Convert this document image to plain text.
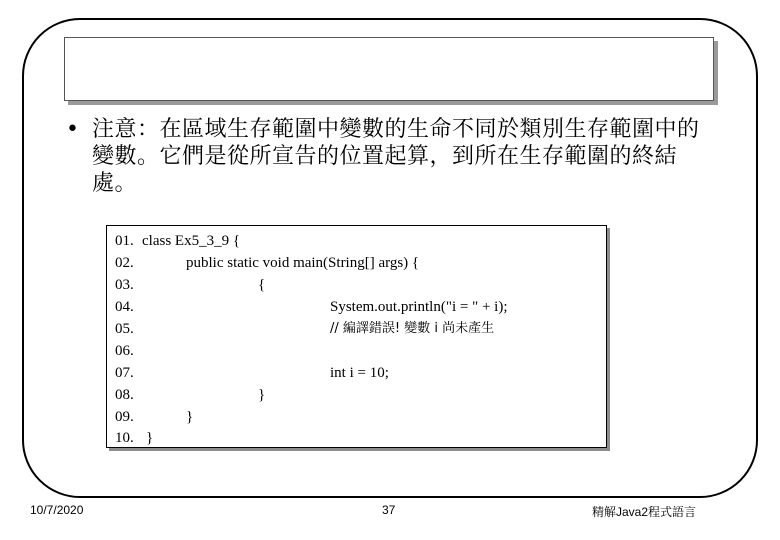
• 注意：在區域生存範圍中變數的生命不同於類別生存範圍中的變數。它們是從所宣告的位置起算，到所在生存範圍的終結處。

01.

class Ex5_3_9 {

02.

	public static void main(String[] args) {

03.

	{

04.

	System.out.println("i = " + i);

05.

	// 編譯錯誤! 變數 i 尚未產生

06.

07.

	int i = 10;

08.

	}

09.

	}

10.

}

10/7/2020	37	精解Java2程式語言
